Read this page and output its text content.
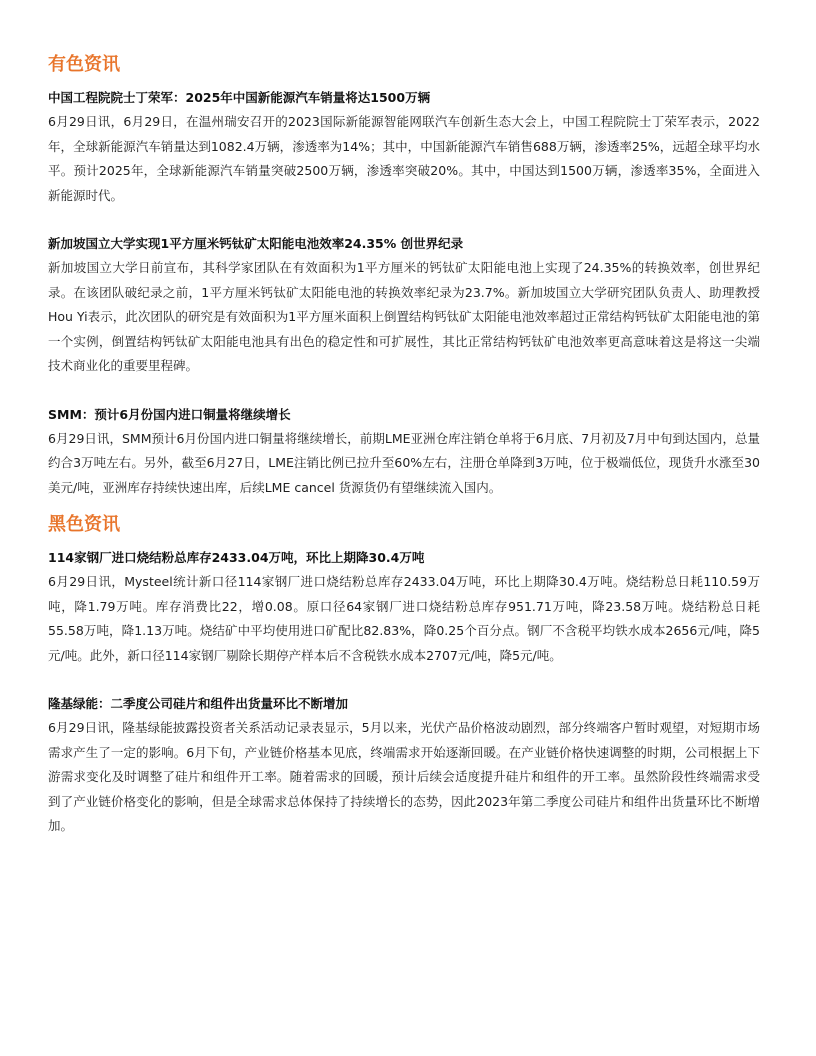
有色资讯

中国工程院院士丁荣军：2025年中国新能源汽车销量将达1500万辆

6月29日讯，6月29日，在温州瑞安召开的2023国际新能源智能网联汽车创新生态大会上，中国工程院院士丁荣军表示，2022年，全球新能源汽车销量达到1082.4万辆，渗透率为14%；其中，中国新能源汽车销售688万辆，渗透率25%，远超全球平均水平。预计2025年，全球新能源汽车销量突破2500万辆，渗透率突破20%。其中，中国达到1500万辆，渗透率35%，全面进入新能源时代。

新加坡国立大学实现1平方厘米钙钛矿太阳能电池效率24.35% 创世界纪录

新加坡国立大学日前宣布，其科学家团队在有效面积为1平方厘米的钙钛矿太阳能电池上实现了24.35%的转换效率，创世界纪录。在该团队破纪录之前，1平方厘米钙钛矿太阳能电池的转换效率纪录为23.7%。新加坡国立大学研究团队负责人、助理教授Hou Yi表示，此次团队的研究是有效面积为1平方厘米面积上倒置结构钙钛矿太阳能电池效率超过正常结构钙钛矿太阳能电池的第一个实例，倒置结构钙钛矿太阳能电池具有出色的稳定性和可扩展性，其比正常结构钙钛矿电池效率更高意味着这是将这一尖端技术商业化的重要里程碑。

SMM：预计6月份国内进口铜量将继续增长

6月29日讯，SMM预计6月份国内进口铜量将继续增长，前期LME亚洲仓库注销仓单将于6月底、7月初及7月中旬到达国内，总量约合3万吨左右。另外，截至6月27日，LME注销比例已拉升至60%左右，注册仓单降到3万吨，位于极端低位，现货升水涨至30美元/吨，亚洲库存持续快速出库，后续LME cancel 货源货仍有望继续流入国内。

黑色资讯

114家钢厂进口烧结粉总库存2433.04万吨，环比上期降30.4万吨

6月29日讯，Mysteel统计新口径114家钢厂进口烧结粉总库存2433.04万吨，环比上期降30.4万吨。烧结粉总日耗110.59万吨，降1.79万吨。库存消费比22，增0.08。原口径64家钢厂进口烧结粉总库存951.71万吨，降23.58万吨。烧结粉总日耗55.58万吨，降1.13万吨。烧结矿中平均使用进口矿配比82.83%，降0.25个百分点。钢厂不含税平均铁水成本2656元/吨，降5元/吨。此外，新口径114家钢厂剔除长期停产样本后不含税铁水成本2707元/吨，降5元/吨。

隆基绿能：二季度公司硅片和组件出货量环比不断增加

6月29日讯，隆基绿能披露投资者关系活动记录表显示，5月以来，光伏产品价格波动剧烈，部分终端客户暂时观望，对短期市场需求产生了一定的影响。6月下旬，产业链价格基本见底，终端需求开始逐渐回暖。在产业链价格快速调整的时期，公司根据上下游需求变化及时调整了硅片和组件开工率。随着需求的回暖，预计后续会适度提升硅片和组件的开工率。虽然阶段性终端需求受到了产业链价格变化的影响，但是全球需求总体保持了持续增长的态势，因此2023年第二季度公司硅片和组件出货量环比不断增加。
